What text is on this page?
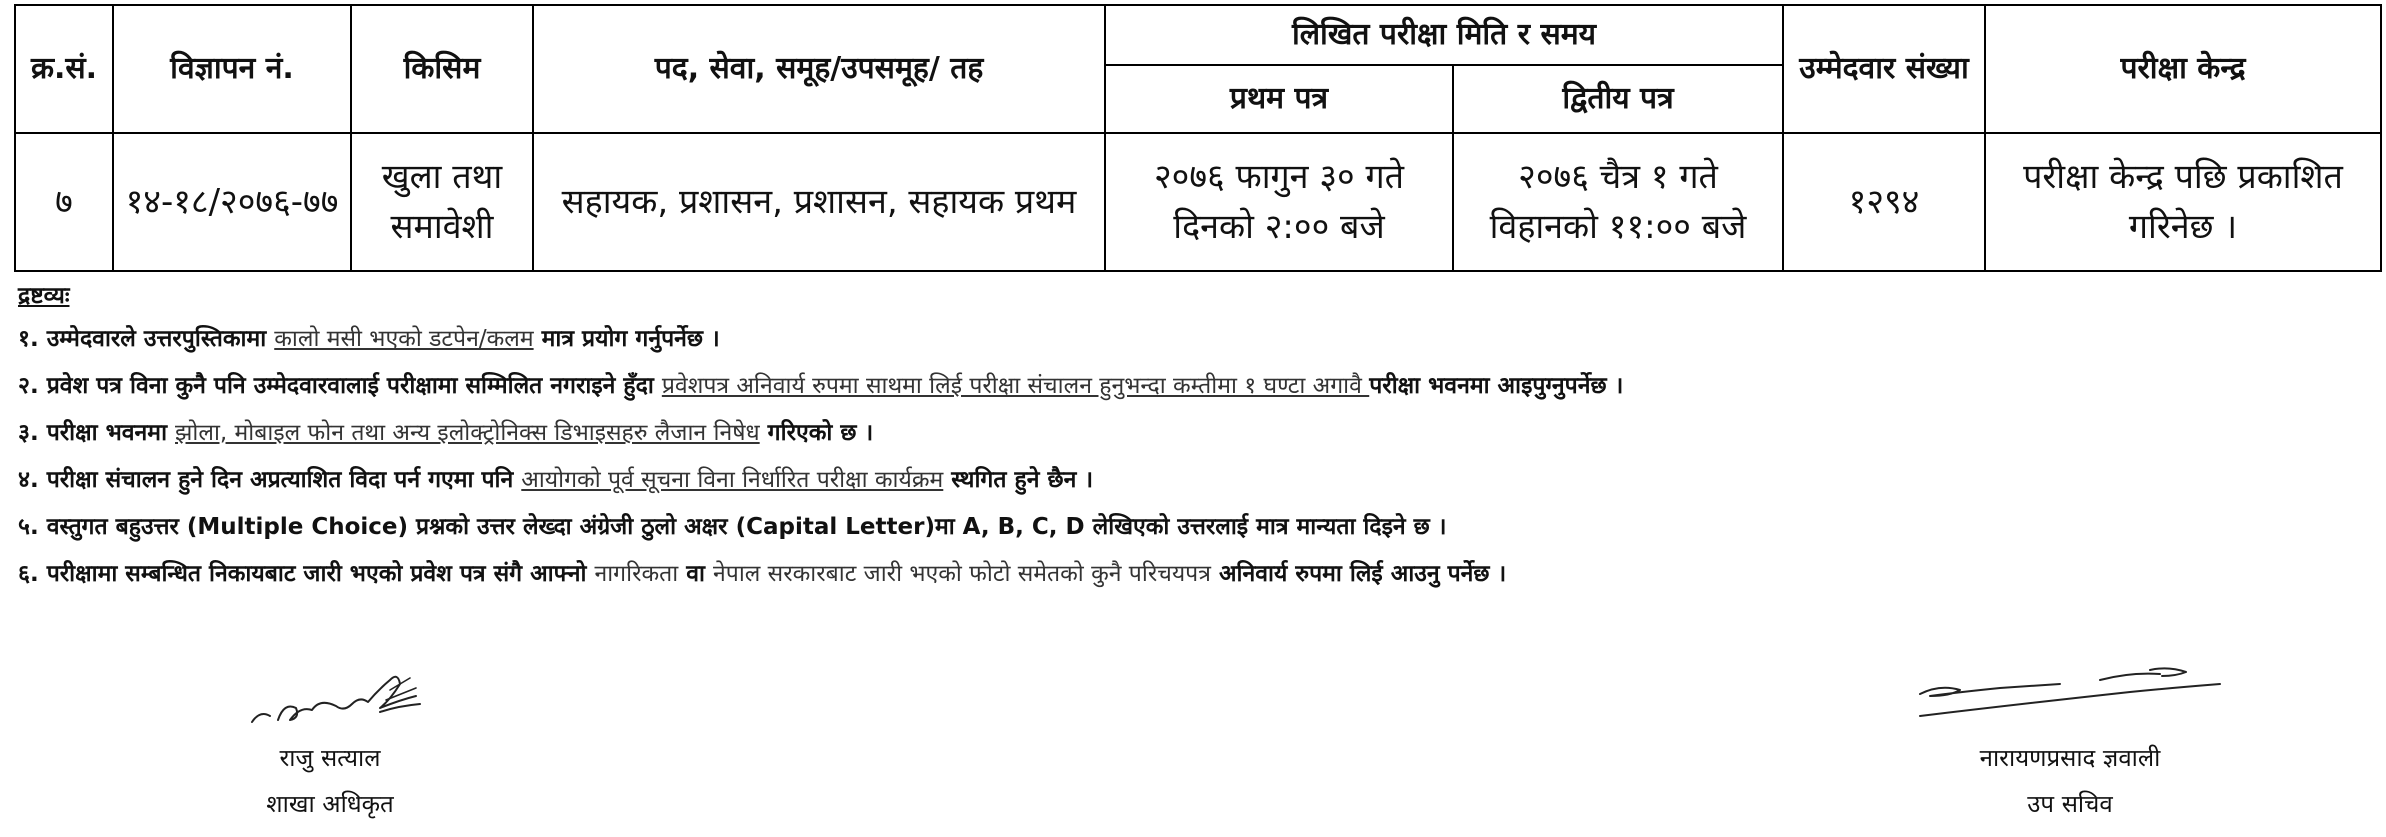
क्र.सं.	विज्ञापन नं.	किसिम	पद, सेवा, समूह/उपसमूह/ तह	लिखित परीक्षा मिति र समय		उम्मेदवार संख्या	परीक्षा केन्द्र
				प्रथम पत्र	द्वितीय पत्र		
७	१४-१८/२०७६-७७	खुला तथा समावेशी	सहायक, प्रशासन, प्रशासन, सहायक प्रथम	२०७६ फागुन ३० गते दिनको २:०० बजे	२०७६ चैत्र १ गते विहानको ११:०० बजे	१२९४	परीक्षा केन्द्र पछि प्रकाशित गरिनेछ ।
द्रष्टव्यः
१. उम्मेदवारले उत्तरपुस्तिकामा कालो मसी भएको डटपेन/कलम मात्र प्रयोग गर्नुपर्नेछ ।
२. प्रवेश पत्र विना कुनै पनि उम्मेदवारवालाई परीक्षामा सम्मिलित नगराइने हुँदा प्रवेशपत्र अनिवार्य रुपमा साथमा लिई परीक्षा संचालन हुनुभन्दा कम्तीमा १ घण्टा अगावै परीक्षा भवनमा आइपुग्नुपर्नेछ ।
३. परीक्षा भवनमा झोला, मोबाइल फोन तथा अन्य इलोक्ट्रोनिक्स डिभाइसहरु लैजान निषेध गरिएको छ ।
४. परीक्षा संचालन हुने दिन अप्रत्याशित विदा पर्न गएमा पनि आयोगको पूर्व सूचना विना निर्धारित परीक्षा कार्यक्रम स्थगित हुने छैन ।
५. वस्तुगत बहुउत्तर (Multiple Choice) प्रश्नको उत्तर लेख्दा अंग्रेजी ठुलो अक्षर (Capital Letter)मा A, B, C, D लेखिएको उत्तरलाई मात्र मान्यता दिइने छ ।
६. परीक्षामा सम्बन्धित निकायबाट जारी भएको प्रवेश पत्र संगै आफ्नो नागरिकता वा नेपाल सरकारबाट जारी भएको फोटो समेतको कुनै परिचयपत्र अनिवार्य रुपमा लिई आउनु पर्नेछ ।
राजु सत्याल
शाखा अधिकृत
नारायणप्रसाद ज्ञवाली
उप सचिव
